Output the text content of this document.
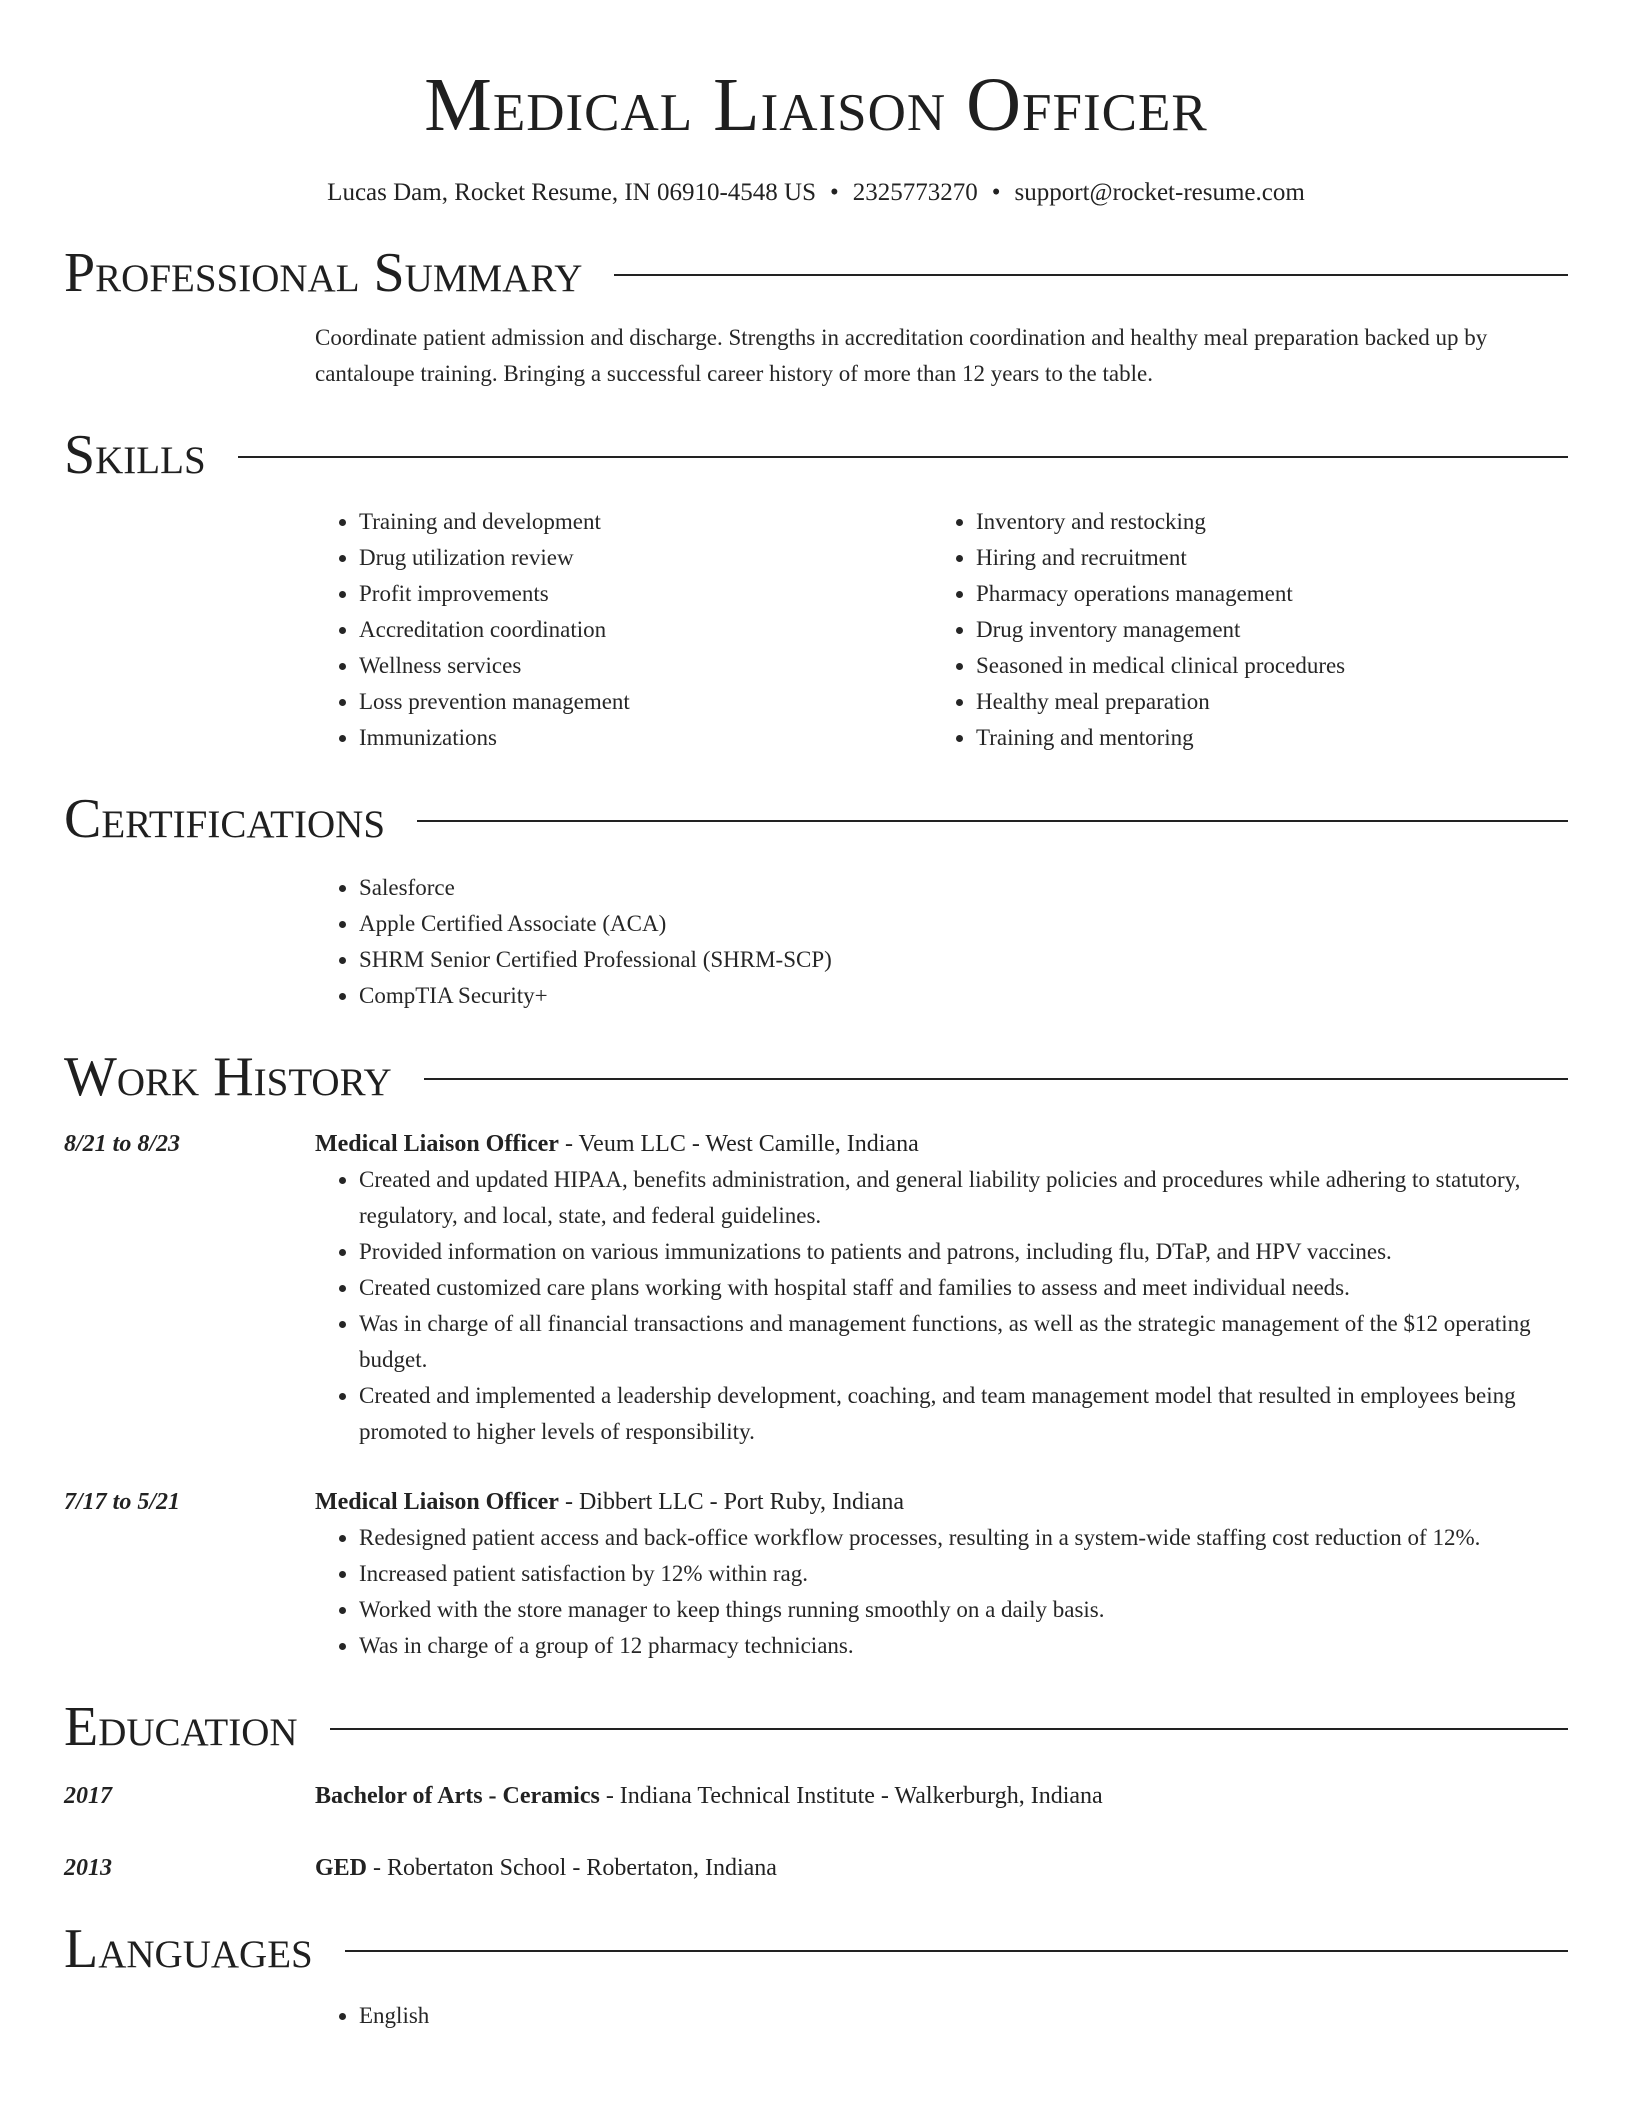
Medical Liaison Officer
Lucas Dam, Rocket Resume, IN 06910-4548 US • 2325773270 • support@rocket-resume.com
Professional Summary
Coordinate patient admission and discharge. Strengths in accreditation coordination and healthy meal preparation backed up by cantaloupe training. Bringing a successful career history of more than 12 years to the table.
Skills
• Training and development
• Drug utilization review
• Profit improvements
• Accreditation coordination
• Wellness services
• Loss prevention management
• Immunizations
• Inventory and restocking
• Hiring and recruitment
• Pharmacy operations management
• Drug inventory management
• Seasoned in medical clinical procedures
• Healthy meal preparation
• Training and mentoring
Certifications
• Salesforce
• Apple Certified Associate (ACA)
• SHRM Senior Certified Professional (SHRM-SCP)
• CompTIA Security+
Work History
8/21 to 8/23	Medical Liaison Officer - Veum LLC - West Camille, Indiana
• Created and updated HIPAA, benefits administration, and general liability policies and procedures while adhering to statutory, regulatory, and local, state, and federal guidelines.
• Provided information on various immunizations to patients and patrons, including flu, DTaP, and HPV vaccines.
• Created customized care plans working with hospital staff and families to assess and meet individual needs.
• Was in charge of all financial transactions and management functions, as well as the strategic management of the $12 operating budget.
• Created and implemented a leadership development, coaching, and team management model that resulted in employees being promoted to higher levels of responsibility.
7/17 to 5/21	Medical Liaison Officer - Dibbert LLC - Port Ruby, Indiana
• Redesigned patient access and back-office workflow processes, resulting in a system-wide staffing cost reduction of 12%.
• Increased patient satisfaction by 12% within rag.
• Worked with the store manager to keep things running smoothly on a daily basis.
• Was in charge of a group of 12 pharmacy technicians.
Education
2017	Bachelor of Arts - Ceramics - Indiana Technical Institute - Walkerburgh, Indiana
2013	GED - Robertaton School - Robertaton, Indiana
Languages
• English
